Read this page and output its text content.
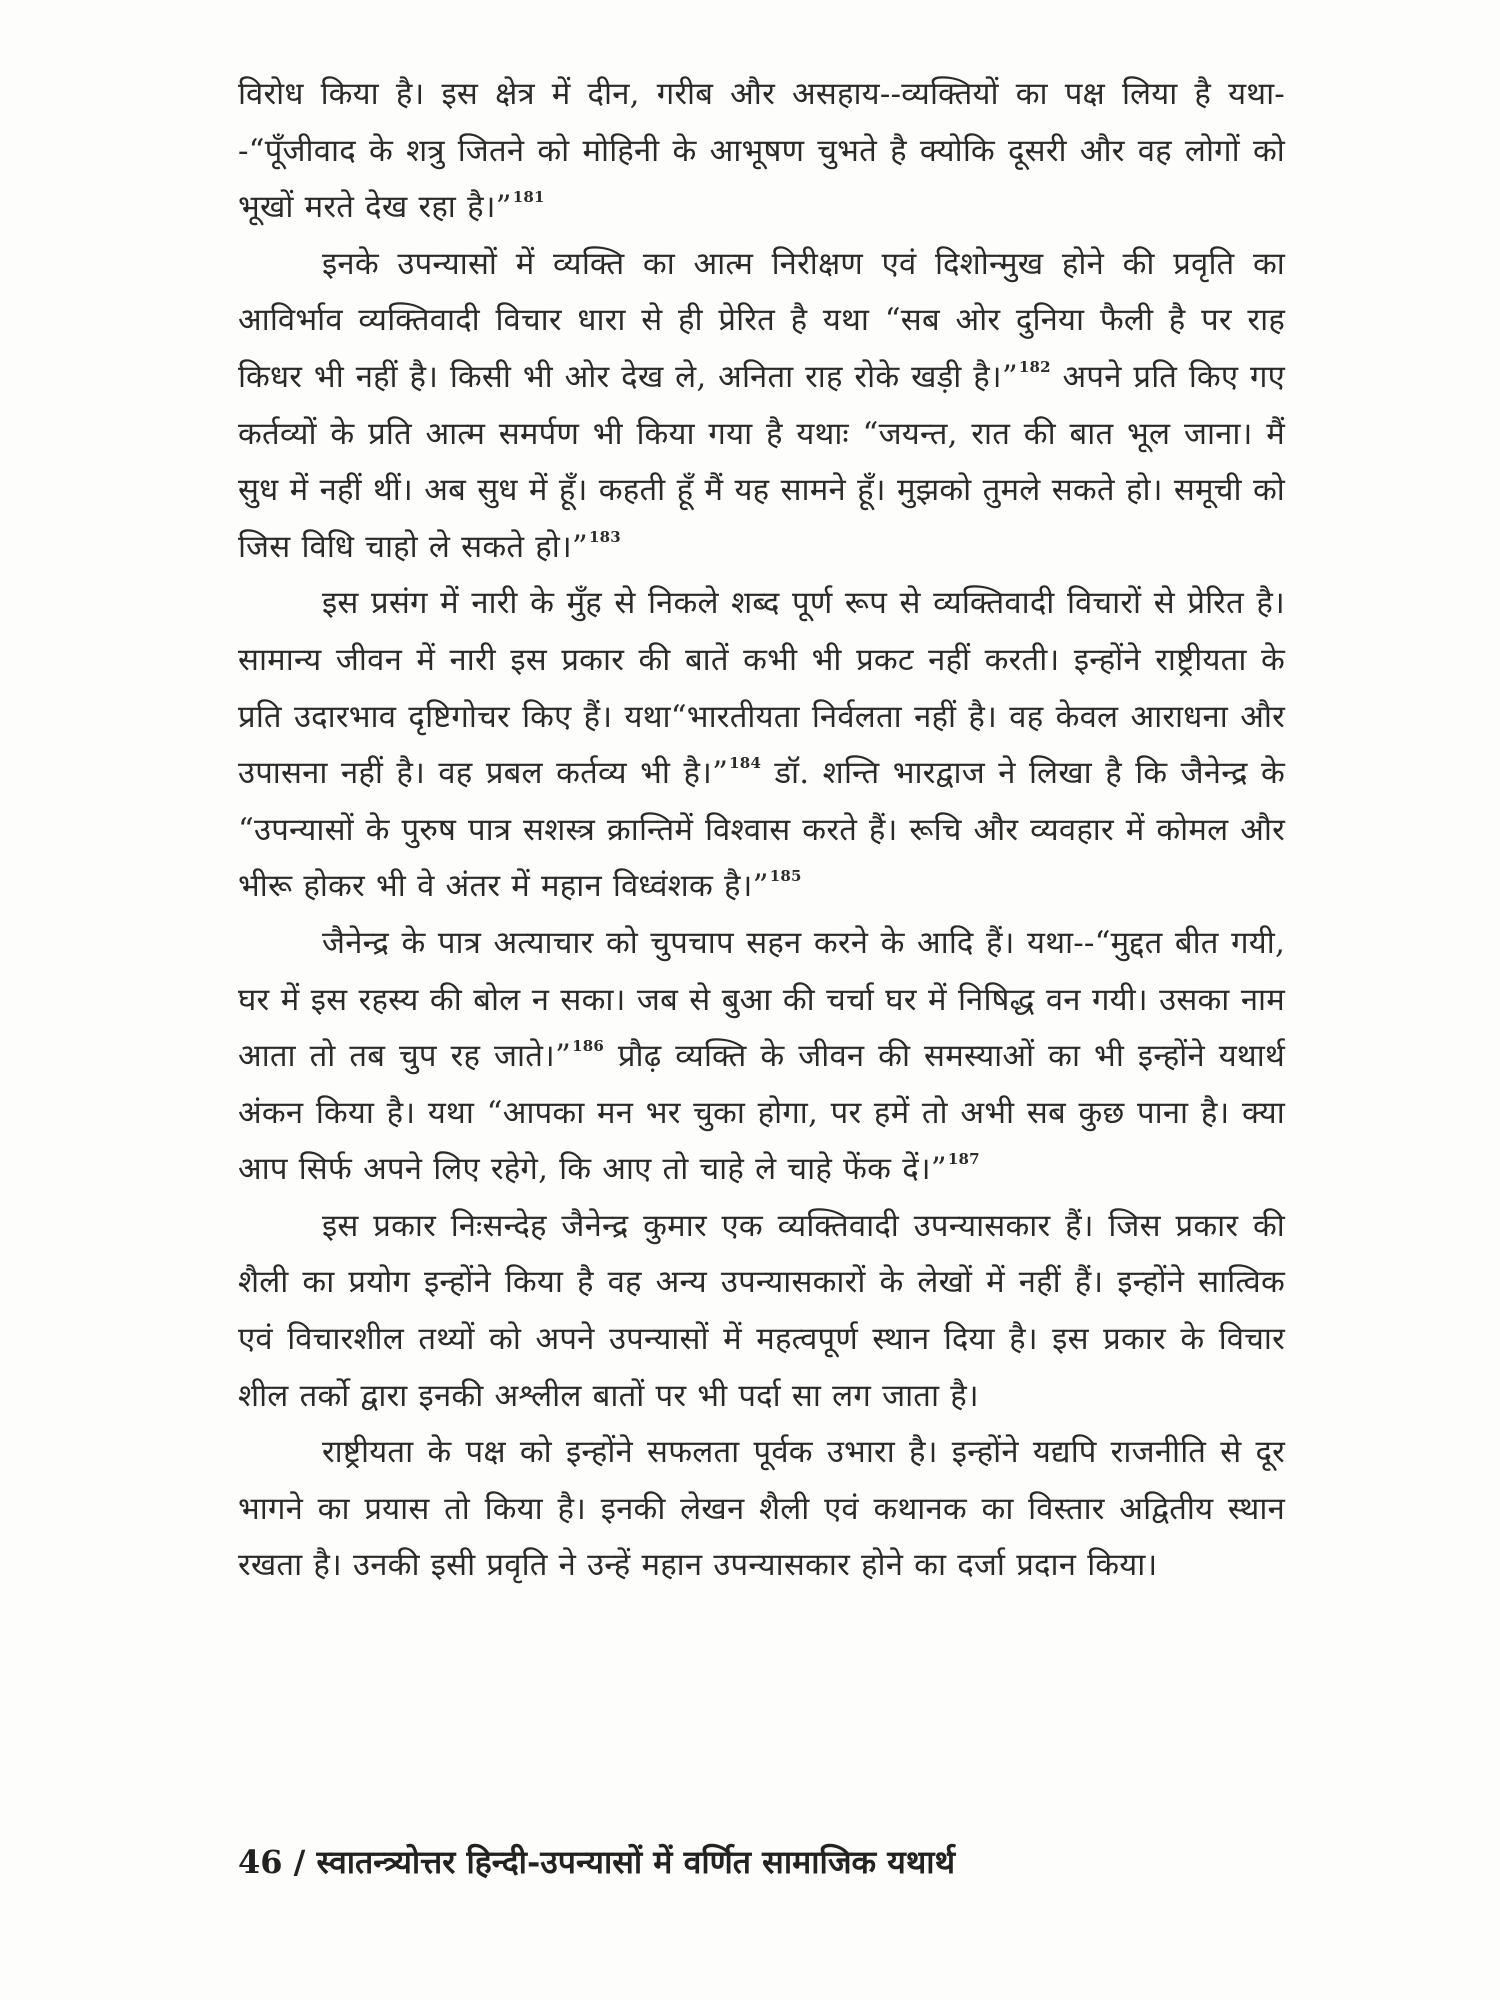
विरोध किया है। इस क्षेत्र में दीन, गरीब और असहाय--व्यक्तियों का पक्ष लिया है यथा--“पूँजीवाद के शत्रु जितने को मोहिनी के आभूषण चुभते है क्योकि दूसरी और वह लोगों को भूखों मरते देख रहा है।”$^{181}$

इनके उपन्यासों में व्यक्ति का आत्म निरीक्षण एवं दिशोन्मुख होने की प्रवृति का आविर्भाव व्यक्तिवादी विचार धारा से ही प्रेरित है यथा “सब ओर दुनिया फैली है पर राह किधर भी नहीं है। किसी भी ओर देख ले, अनिता राह रोके खड़ी है।”$^{182}$ अपने प्रति किए गए कर्तव्यों के प्रति आत्म समर्पण भी किया गया है यथाः “जयन्त, रात की बात भूल जाना। मैं सुध में नहीं थीं। अब सुध में हूँ। कहती हूँ मैं यह सामने हूँ। मुझको तुमले सकते हो। समूची को जिस विधि चाहो ले सकते हो।”$^{183}$

इस प्रसंग में नारी के मुँह से निकले शब्द पूर्ण रूप से व्यक्तिवादी विचारों से प्रेरित है। सामान्य जीवन में नारी इस प्रकार की बातें कभी भी प्रकट नहीं करती। इन्होंने राष्ट्रीयता के प्रति उदारभाव दृष्टिगोचर किए हैं। यथा“भारतीयता निर्वलता नहीं है। वह केवल आराधना और उपासना नहीं है। वह प्रबल कर्तव्य भी है।”$^{184}$ डॉ. शन्ति भारद्वाज ने लिखा है कि जैनेन्द्र के “उपन्यासों के पुरुष पात्र सशस्त्र क्रान्तिमें विश्वास करते हैं। रूचि और व्यवहार में कोमल और भीरू होकर भी वे अंतर में महान विध्वंशक है।”$^{185}$

जैनेन्द्र के पात्र अत्याचार को चुपचाप सहन करने के आदि हैं। यथा--“मुद्दत बीत गयी, घर में इस रहस्य की बोल न सका। जब से बुआ की चर्चा घर में निषिद्ध वन गयी। उसका नाम आता तो तब चुप रह जाते।”$^{186}$ प्रौढ़ व्यक्ति के जीवन की समस्याओं का भी इन्होंने यथार्थ अंकन किया है। यथा “आपका मन भर चुका होगा, पर हमें तो अभी सब कुछ पाना है। क्या आप सिर्फ अपने लिए रहेगे, कि आए तो चाहे ले चाहे फेंक दें।”$^{187}$

इस प्रकार निःसन्देह जैनेन्द्र कुमार एक व्यक्तिवादी उपन्यासकार हैं। जिस प्रकार की शैली का प्रयोग इन्होंने किया है वह अन्य उपन्यासकारों के लेखों में नहीं हैं। इन्होंने सात्विक एवं विचारशील तथ्यों को अपने उपन्यासों में महत्वपूर्ण स्थान दिया है। इस प्रकार के विचार शील तर्को द्वारा इनकी अश्लील बातों पर भी पर्दा सा लग जाता है।

राष्ट्रीयता के पक्ष को इन्होंने सफलता पूर्वक उभारा है। इन्होंने यद्यपि राजनीति से दूर भागने का प्रयास तो किया है। इनकी लेखन शैली एवं कथानक का विस्तार अद्वितीय स्थान रखता है। उनकी इसी प्रवृति ने उन्हें महान उपन्यासकार होने का दर्जा प्रदान किया।

46 / स्वातन्त्र्योत्तर हिन्दी-उपन्यासों में वर्णित सामाजिक यथार्थ
